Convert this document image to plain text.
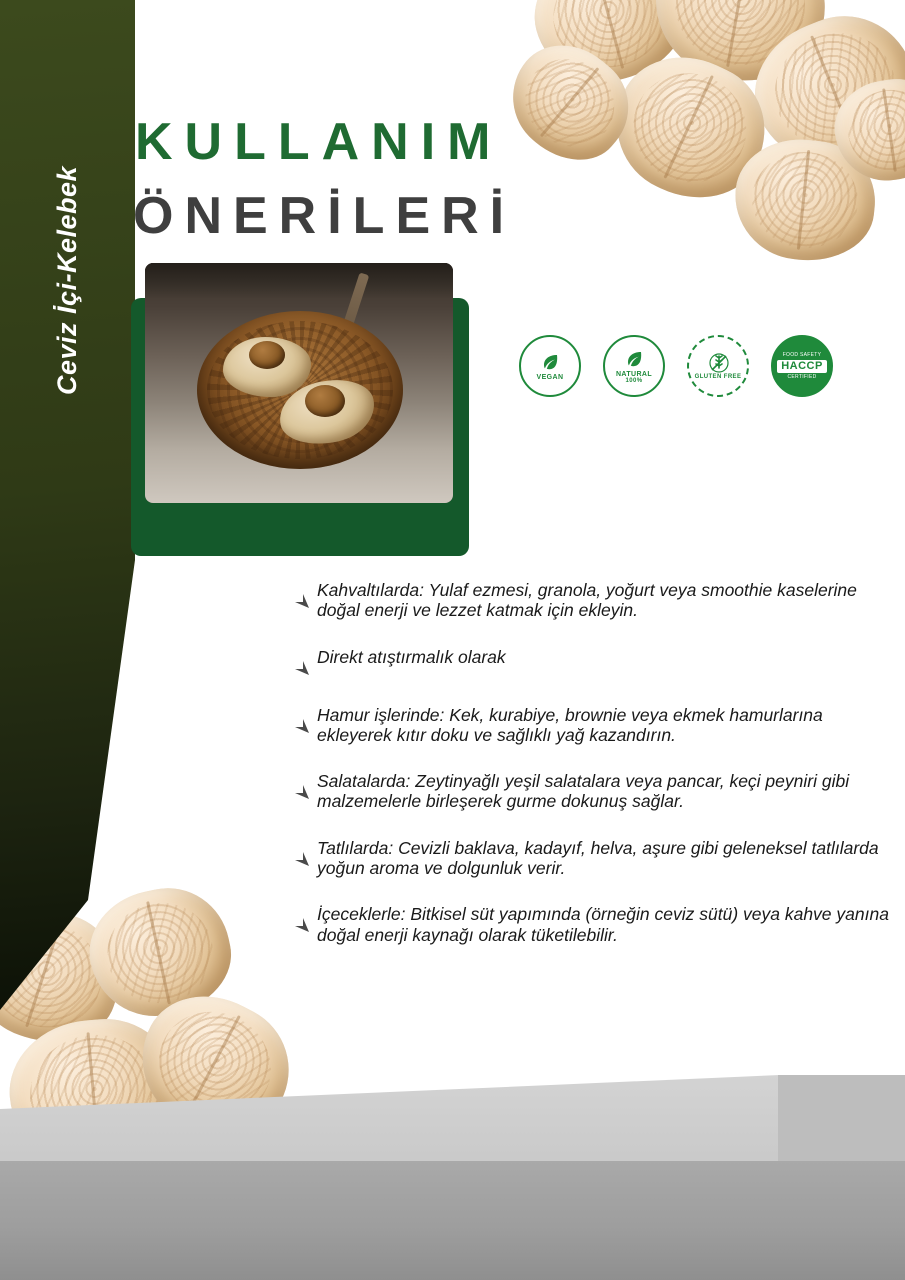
Ceviz İçi-Kelebek
KULLANIM
ÖNERİLERİ
VEGAN	NATURAL
100%
GLUTEN FREE
FOOD SAFETY
HACCP
CERTIFIED
Kahvaltılarda: Yulaf ezmesi, granola, yoğurt veya smoothie kaselerine doğal enerji ve lezzet katmak için ekleyin.
Direkt atıştırmalık olarak
Hamur işlerinde: Kek, kurabiye, brownie veya ekmek hamurlarına ekleyerek kıtır doku ve sağlıklı yağ kazandırın.
Salatalarda: Zeytinyağlı yeşil salatalara veya pancar, keçi peyniri gibi malzemelerle birleşerek gurme dokunuş sağlar.
Tatlılarda: Cevizli baklava, kadayıf, helva, aşure gibi geleneksel tatlılarda yoğun aroma ve dolgunluk verir.
İçeceklerle: Bitkisel süt yapımında (örneğin ceviz sütü) veya kahve yanına doğal enerji kaynağı olarak tüketilebilir.
